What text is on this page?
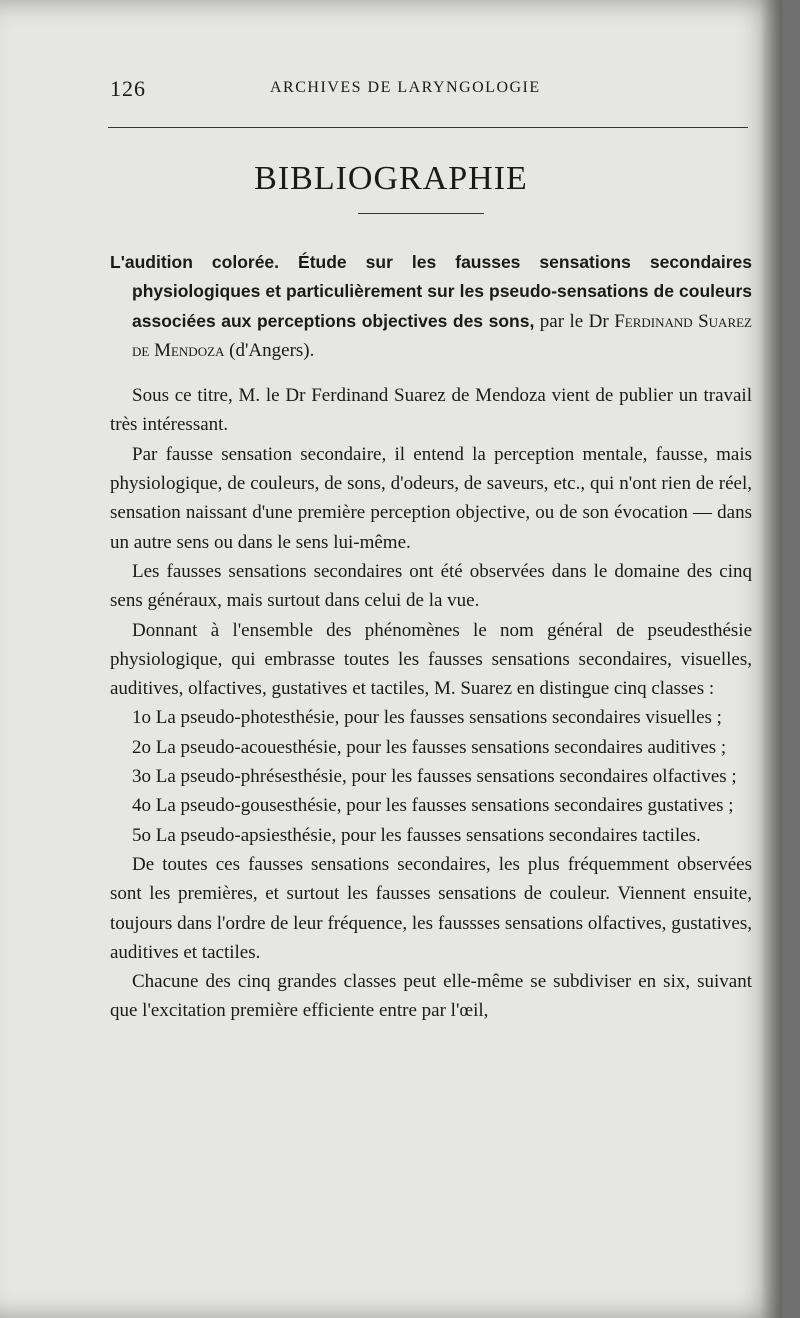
126	ARCHIVES DE LARYNGOLOGIE
BIBLIOGRAPHIE

L'audition colorée. Étude sur les fausses sensations secondaires physiologiques et particulièrement sur les pseudo-sensations de couleurs associées aux perceptions objectives des sons, par le Dr Ferdinand Suarez de Mendoza (d'Angers).

Sous ce titre, M. le Dr Ferdinand Suarez de Mendoza vient de publier un travail très intéressant.

Par fausse sensation secondaire, il entend la perception mentale, fausse, mais physiologique, de couleurs, de sons, d'odeurs, de saveurs, etc., qui n'ont rien de réel, sensation naissant d'une première perception objective, ou de son évocation — dans un autre sens ou dans le sens lui-même.

Les fausses sensations secondaires ont été observées dans le domaine des cinq sens généraux, mais surtout dans celui de la vue.

Donnant à l'ensemble des phénomènes le nom général de pseudesthésie physiologique, qui embrasse toutes les fausses sensations secondaires, visuelles, auditives, olfactives, gustatives et tactiles, M. Suarez en distingue cinq classes :

1o La pseudo-photesthésie, pour les fausses sensations secondaires visuelles ;

2o La pseudo-acouesthésie, pour les fausses sensations secondaires auditives ;

3o La pseudo-phrésesthésie, pour les fausses sensations secondaires olfactives ;

4o La pseudo-gousesthésie, pour les fausses sensations secondaires gustatives ;

5o La pseudo-apsiesthésie, pour les fausses sensations secondaires tactiles.

De toutes ces fausses sensations secondaires, les plus fréquemment observées sont les premières, et surtout les fausses sensations de couleur. Viennent ensuite, toujours dans l'ordre de leur fréquence, les faussses sensations olfactives, gustatives, auditives et tactiles.

Chacune des cinq grandes classes peut elle-même se subdiviser en six, suivant que l'excitation première efficiente entre par l'œil,
